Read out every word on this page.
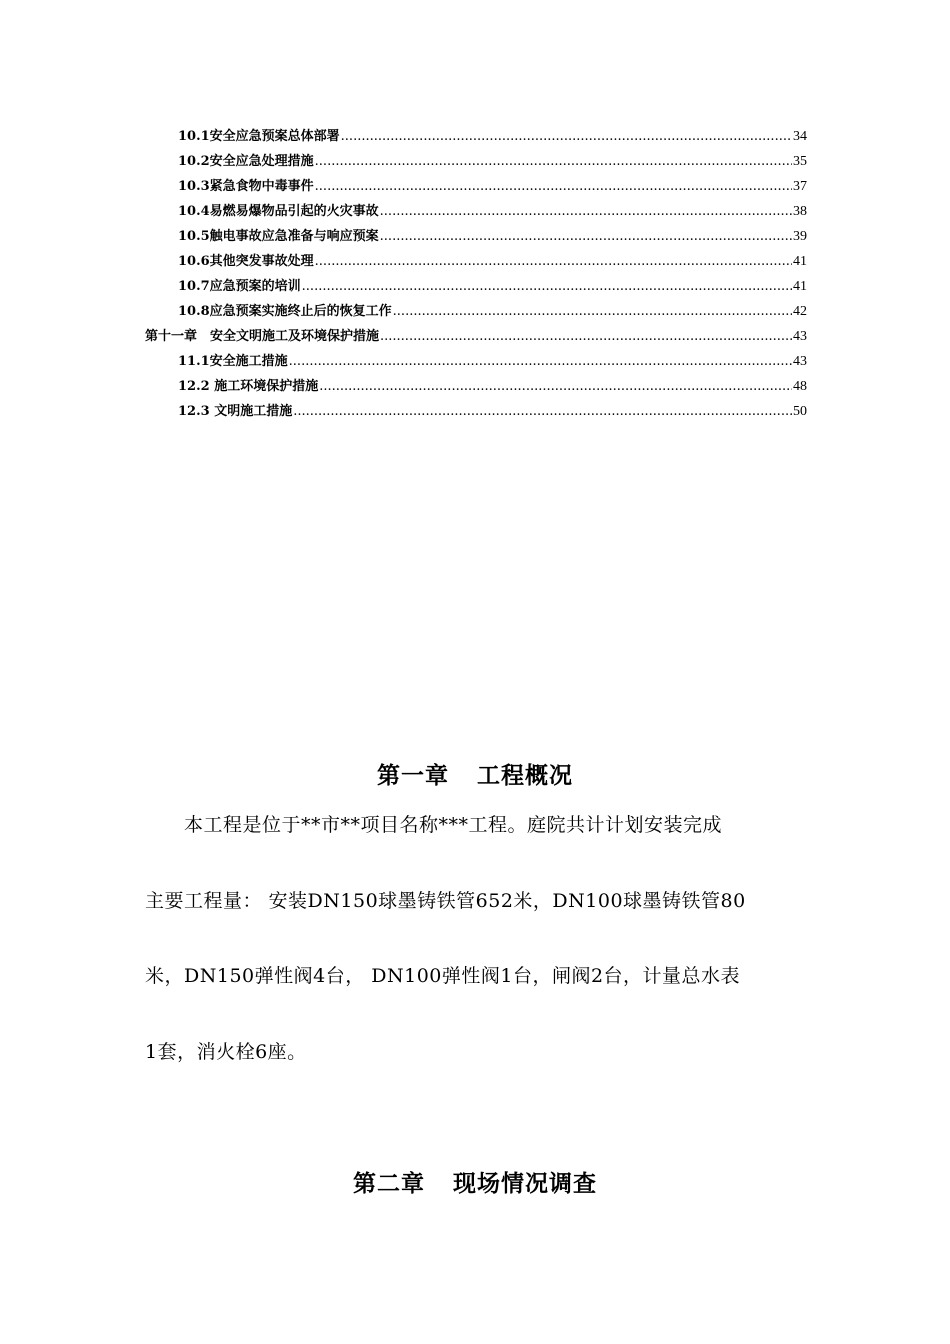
10.1安全应急预案总体部署 .....	34
10.2安全应急处理措施 .....	35
10.3紧急食物中毒事件 .....	37
10.4易燃易爆物品引起的火灾事故 .....	38
10.5触电事故应急准备与响应预案 .....	39
10.6其他突发事故处理 .....	41
10.7应急预案的培训 .....	41
10.8应急预案实施终止后的恢复工作 .....	42
第十一章　安全文明施工及环境保护措施 .....	43
11.1安全施工措施 .....	43
12.2 施工环境保护措施 .....	48
12.3 文明施工措施 .....	50
第一章 工程概况
　　本工程是位于**市**项目名称***工程。庭院共计计划安装完成
主要工程量： 安装DN150球墨铸铁管652米，DN100球墨铸铁管80
米，DN150弹性阀4台， DN100弹性阀1台，闸阀2台，计量总水表
1套，消火栓6座。
第二章 现场情况调查
